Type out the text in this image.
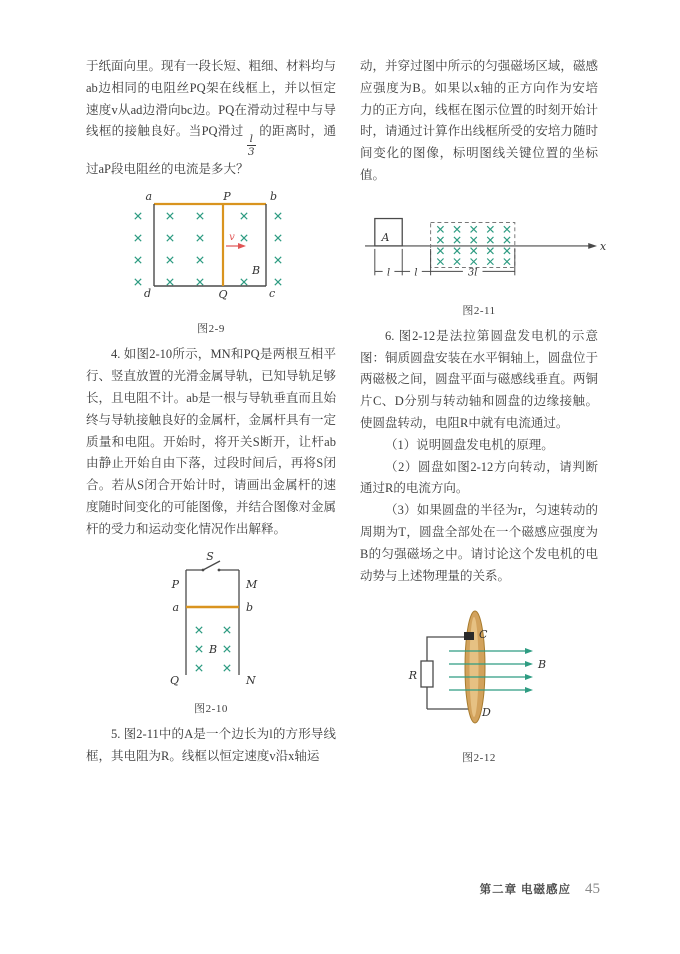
于纸面向里。现有一段长短、粗细、材料均与ab边相同的电阻丝PQ架在线框上，并以恒定速度v从ad边滑向bc边。PQ在滑动过程中与导线框的接触良好。当PQ滑过
$\frac{l}{3}$
的距离时，通过aP段电阻丝的电流是多大？

a	b
P
d	Q	c
v
B
图2-9

4. 如图2-10所示，MN和PQ是两根互相平行、竖直放置的光滑金属导轨，已知导轨足够长，且电阻不计。ab是一根与导轨垂直而且始终与导轨接触良好的金属杆，金属杆具有一定质量和电阻。开始时，将开关S断开，让杆ab由静止开始自由下落，过段时间后，再将S闭合。若从S闭合开始计时，请画出金属杆的速度随时间变化的可能图像，并结合图像对金属杆的受力和运动变化情况作出解释。

S
P	M
a	b
B
Q	N
图2-10

5. 图2-11中的A是一个边长为l的方形导线框，其电阻为R。线框以恒定速度v沿x轴运

动，并穿过图中所示的匀强磁场区域，磁感应强度为B。如果以x轴的正方向作为安培力的正方向，线框在图示位置的时刻开始计时，请通过计算作出线框所受的安培力随时间变化的图像，标明图线关键位置的坐标值。

A
x
l l	3l
图2-11

6. 图2-12是法拉第圆盘发电机的示意图：铜质圆盘安装在水平铜轴上，圆盘位于两磁极之间，圆盘平面与磁感线垂直。两铜片C、D分别与转动轴和圆盘的边缘接触。使圆盘转动，电阻R中就有电流通过。

（1）说明圆盘发电机的原理。

（2）圆盘如图2-12方向转动，请判断通过R的电流方向。

（3）如果圆盘的半径为r，匀速转动的周期为T，圆盘全部处在一个磁感应强度为B的匀强磁场之中。请讨论这个发电机的电动势与上述物理量的关系。

R
C
D
B
图2-12
第二章 电磁感应 45
